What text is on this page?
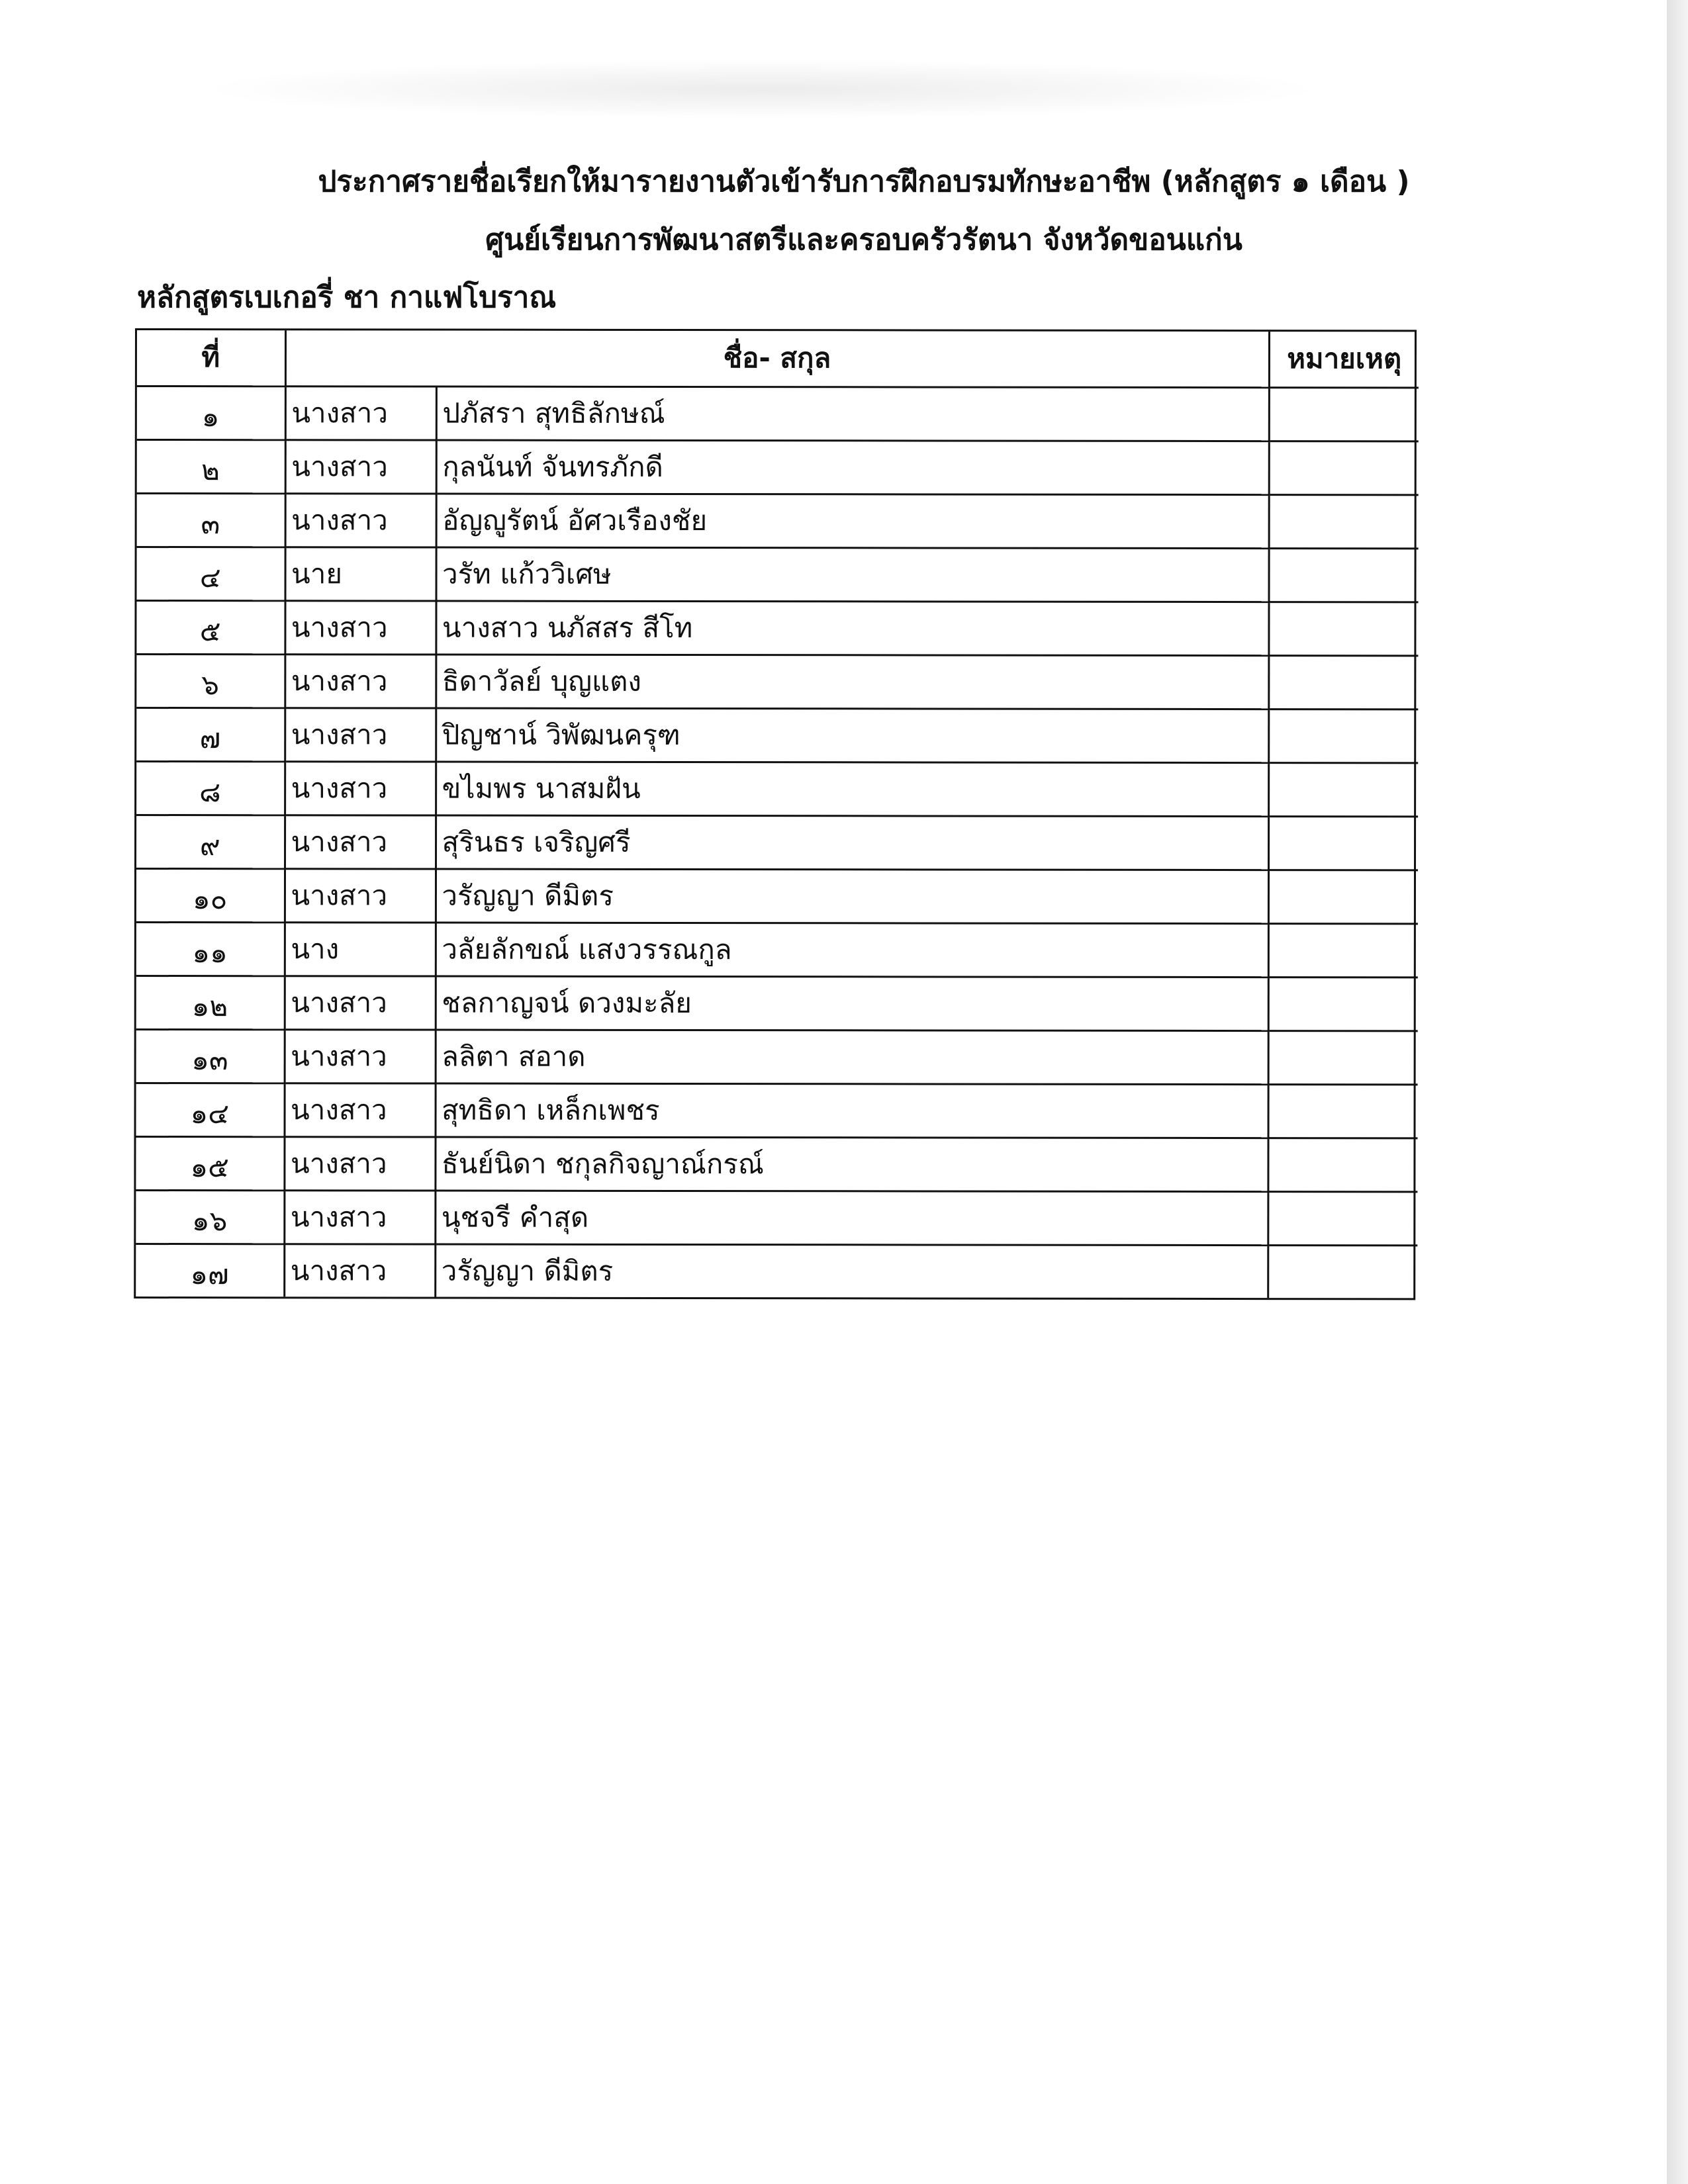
ประกาศรายชื่อเรียกให้มารายงานตัวเข้ารับการฝึกอบรมทักษะอาชีพ (หลักสูตร ๑ เดือน )
ศูนย์เรียนการพัฒนาสตรีและครอบครัวรัตนา จังหวัดขอนแก่น
หลักสูตรเบเกอรี่ ชา กาแฟโบราณ
ที่	ชื่อ- สกุล		หมายเหตุ
๑	นางสาว	ปภัสรา สุทธิลักษณ์	
๒	นางสาว	กุลนันท์ จันทรภักดี	
๓	นางสาว	อัญญูรัตน์ อัศวเรืองชัย	
๔	นาย	วรัท แก้ววิเศษ	
๕	นางสาว	นางสาว นภัสสร สีโท	
๖	นางสาว	ธิดาวัลย์ บุญแตง	
๗	นางสาว	ปิญชาน์ วิพัฒนครุฑ	
๘	นางสาว	ขไมพร นาสมฝัน	
๙	นางสาว	สุรินธร เจริญศรี	
๑๐	นางสาว	วรัญญา ดีมิตร	
๑๑	นาง	วลัยลักขณ์ แสงวรรณกูล	
๑๒	นางสาว	ชลกาญจน์ ดวงมะลัย	
๑๓	นางสาว	ลลิตา สอาด	
๑๔	นางสาว	สุทธิดา เหล็กเพชร	
๑๕	นางสาว	ธันย์นิดา ชกุลกิจญาณ์กรณ์	
๑๖	นางสาว	นุชจรี คำสุด	
๑๗	นางสาว	วรัญญา ดีมิตร	
